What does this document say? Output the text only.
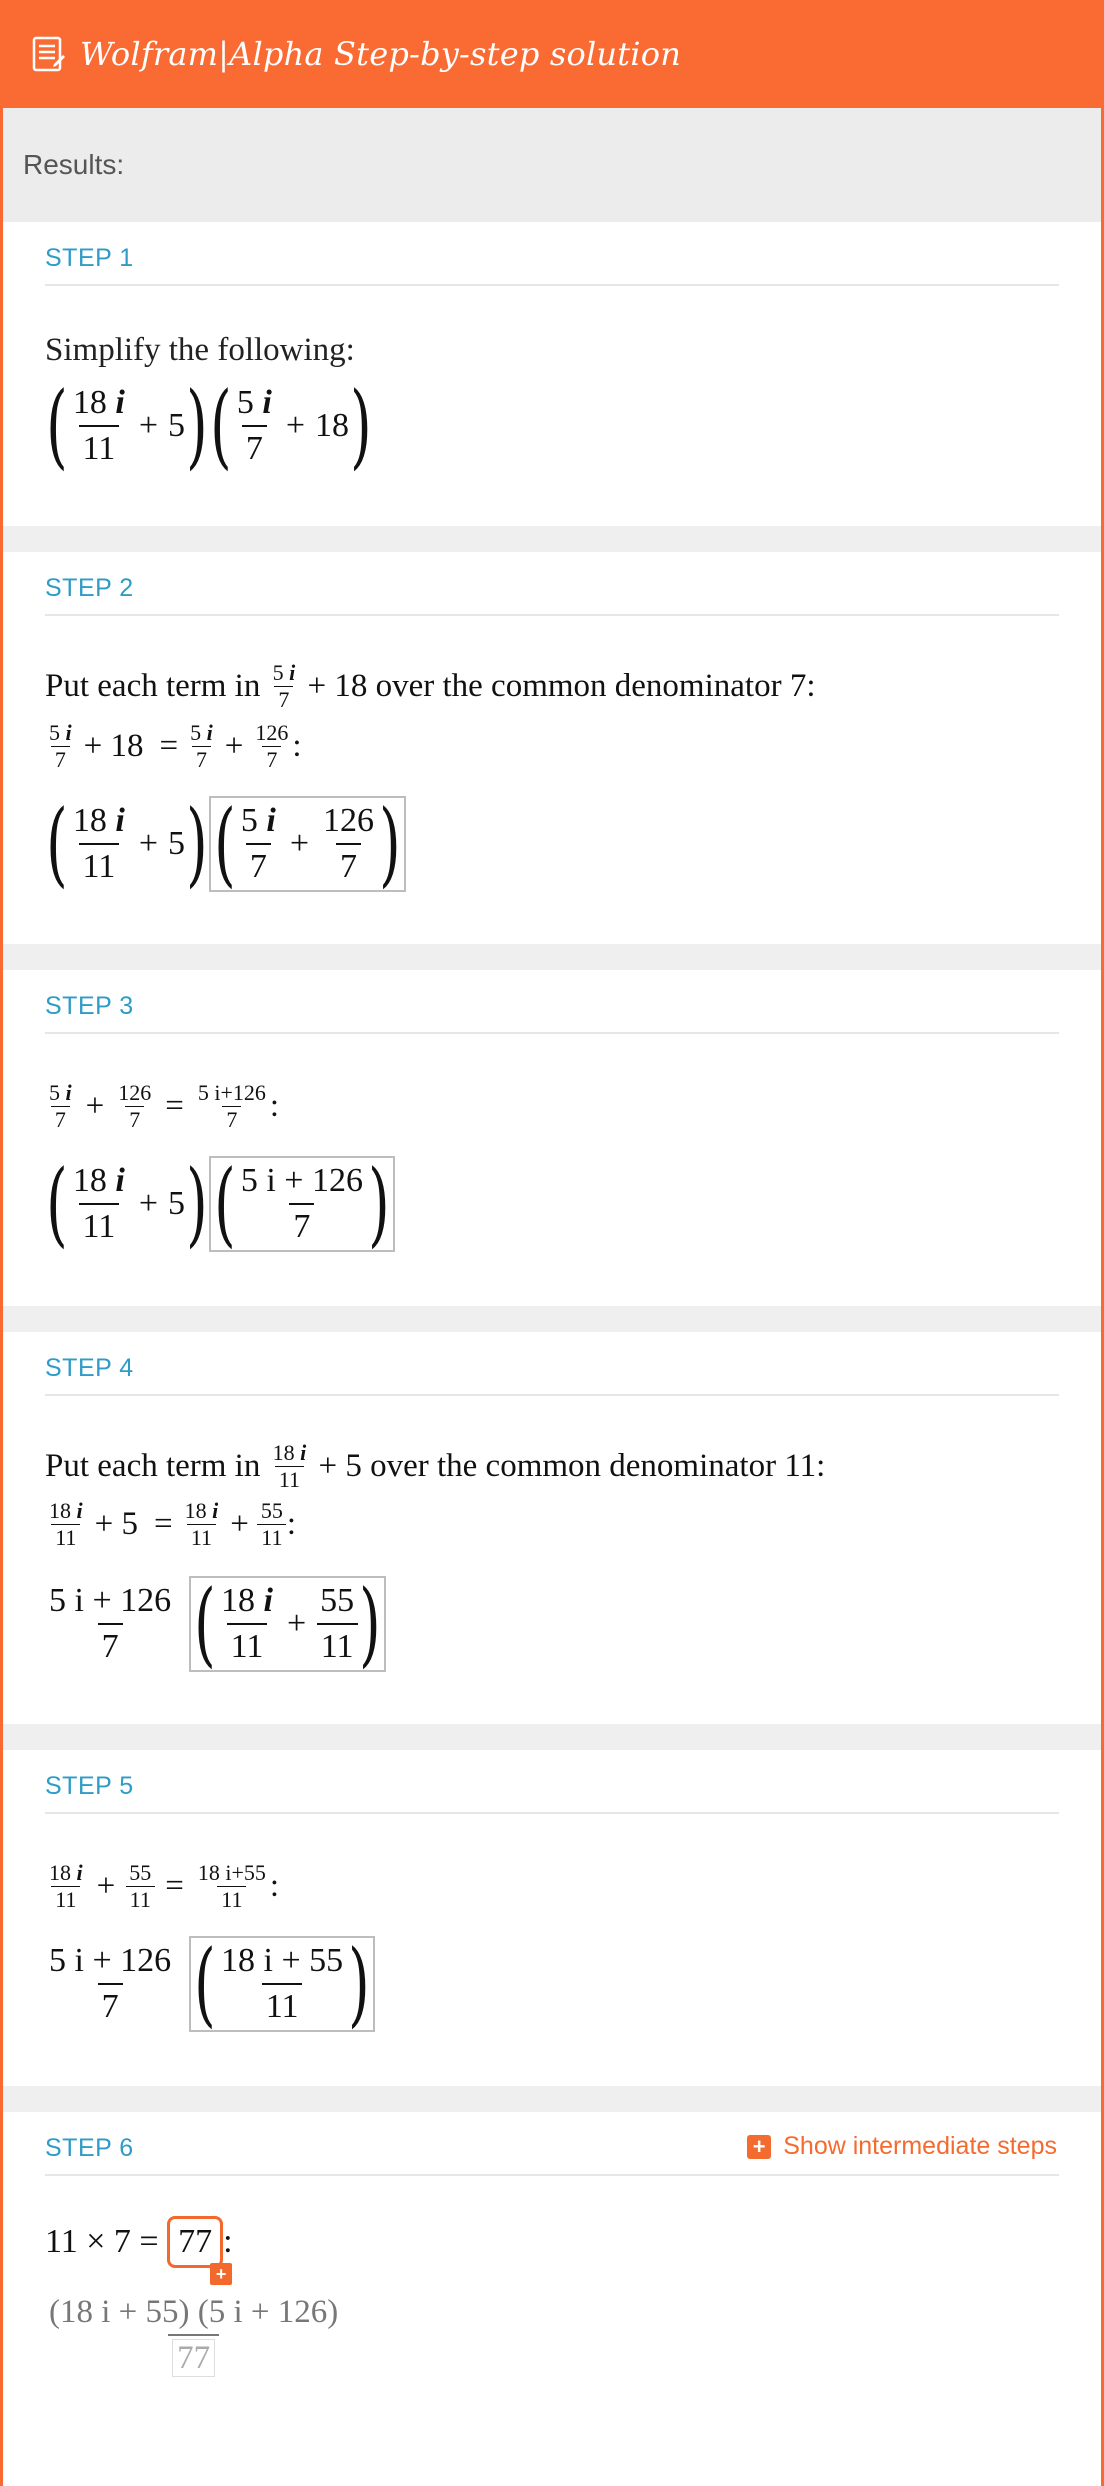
Wolfram|Alpha Step-by-step solution
Results:
STEP 1
Simplify the following:
( $\frac{18 i}{11} + 5$ ) ( $\frac{5 i}{7} + 18$ )
STEP 2
Put each term in
$\frac{5 i}{7}$
+ 18 over the common denominator 7:
$\frac{5 i}{7} + 18 = \frac{5 i}{7} + \frac{126}{7}$ :
( $\frac{18 i}{11} + 5$ ) ( $\frac{5 i}{7} + \frac{126}{7}$ )
STEP 3
$\frac{5 i}{7} + \frac{126}{7} = \frac{5 i+126}{7}$ :
( $\frac{18 i}{11} + 5$ ) ( $\frac{5 i + 126}{7}$ )
STEP 4
Put each term in
$\frac{18 i}{11}$
+ 5 over the common denominator 11:
$\frac{18 i}{11} + 5 = \frac{18 i}{11} + \frac{55}{11}$ :
$\frac{5 i + 126}{7}$ ( $\frac{18 i}{11} + \frac{55}{11}$ )
STEP 5
$\frac{18 i}{11} + \frac{55}{11} = \frac{18 i+55}{11}$ :
$\frac{5 i + 126}{7}$ ( $\frac{18 i + 55}{11}$ )
STEP 6	+ Show intermediate steps
11 × 7 =
77
+
:
$\frac{(18 i + 55) (5 i + 126)}{77}$
